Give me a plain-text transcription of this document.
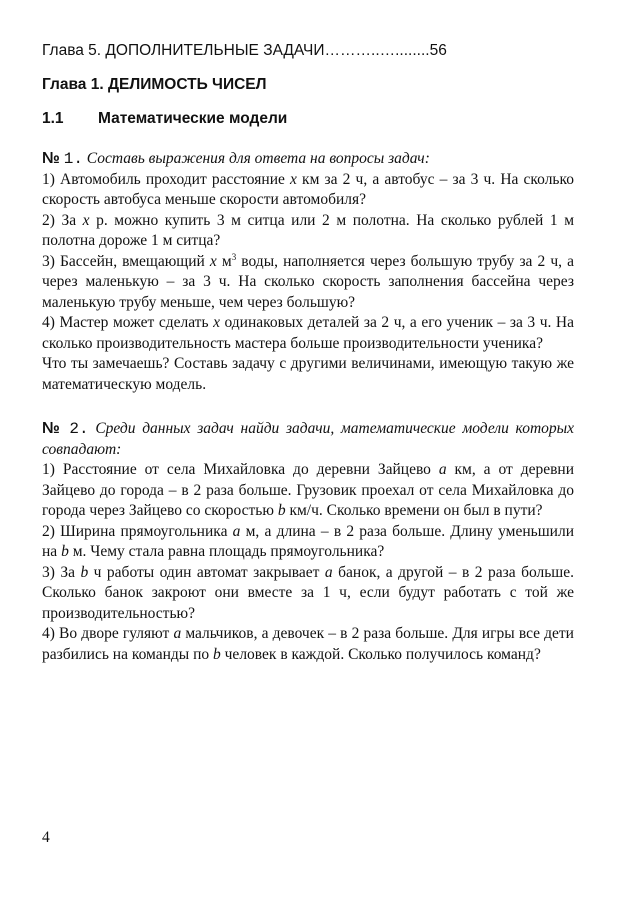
Глава 5. ДОПОЛНИТЕЛЬНЫЕ ЗАДАЧИ………..…........56

Глава 1. ДЕЛИМОСТЬ ЧИСЕЛ

1.1	Математические модели

№ 1. Составь выражения для ответа на вопросы задач:

1) Автомобиль проходит расстояние x км за 2 ч, а автобус – за 3 ч. На сколько скорость автобуса меньше скорости автомобиля?

2) За x р. можно купить 3 м ситца или 2 м полотна. На сколько рублей 1 м полотна дороже 1 м ситца?

3) Бассейн, вмещающий x $м^3$ воды, наполняется через большую трубу за 2 ч, а через маленькую – за 3 ч. На сколько скорость заполнения бассейна через маленькую трубу меньше, чем через большую?

4) Мастер может сделать x одинаковых деталей за 2 ч, а его ученик – за 3 ч. На сколько производительность мастера больше производительности ученика?

Что ты замечаешь? Составь задачу с другими величинами, имеющую такую же математическую модель.

№ 2. Среди данных задач найди задачи, математические модели которых совпадают:

1) Расстояние от села Михайловка до деревни Зайцево a км, а от деревни Зайцево до города – в 2 раза больше. Грузовик проехал от села Михайловка до города через Зайцево со скоростью b км/ч. Сколько времени он был в пути?

2) Ширина прямоугольника a м, а длина – в 2 раза больше. Длину уменьшили на b м. Чему стала равна площадь прямоугольника?

3) За b ч работы один автомат закрывает a банок, а другой – в 2 раза больше. Сколько банок закроют они вместе за 1 ч, если будут работать с той же производительностью?

4) Во дворе гуляют a мальчиков, а девочек – в 2 раза больше. Для игры все дети разбились на команды по b человек в каждой. Сколько получилось команд?

4
